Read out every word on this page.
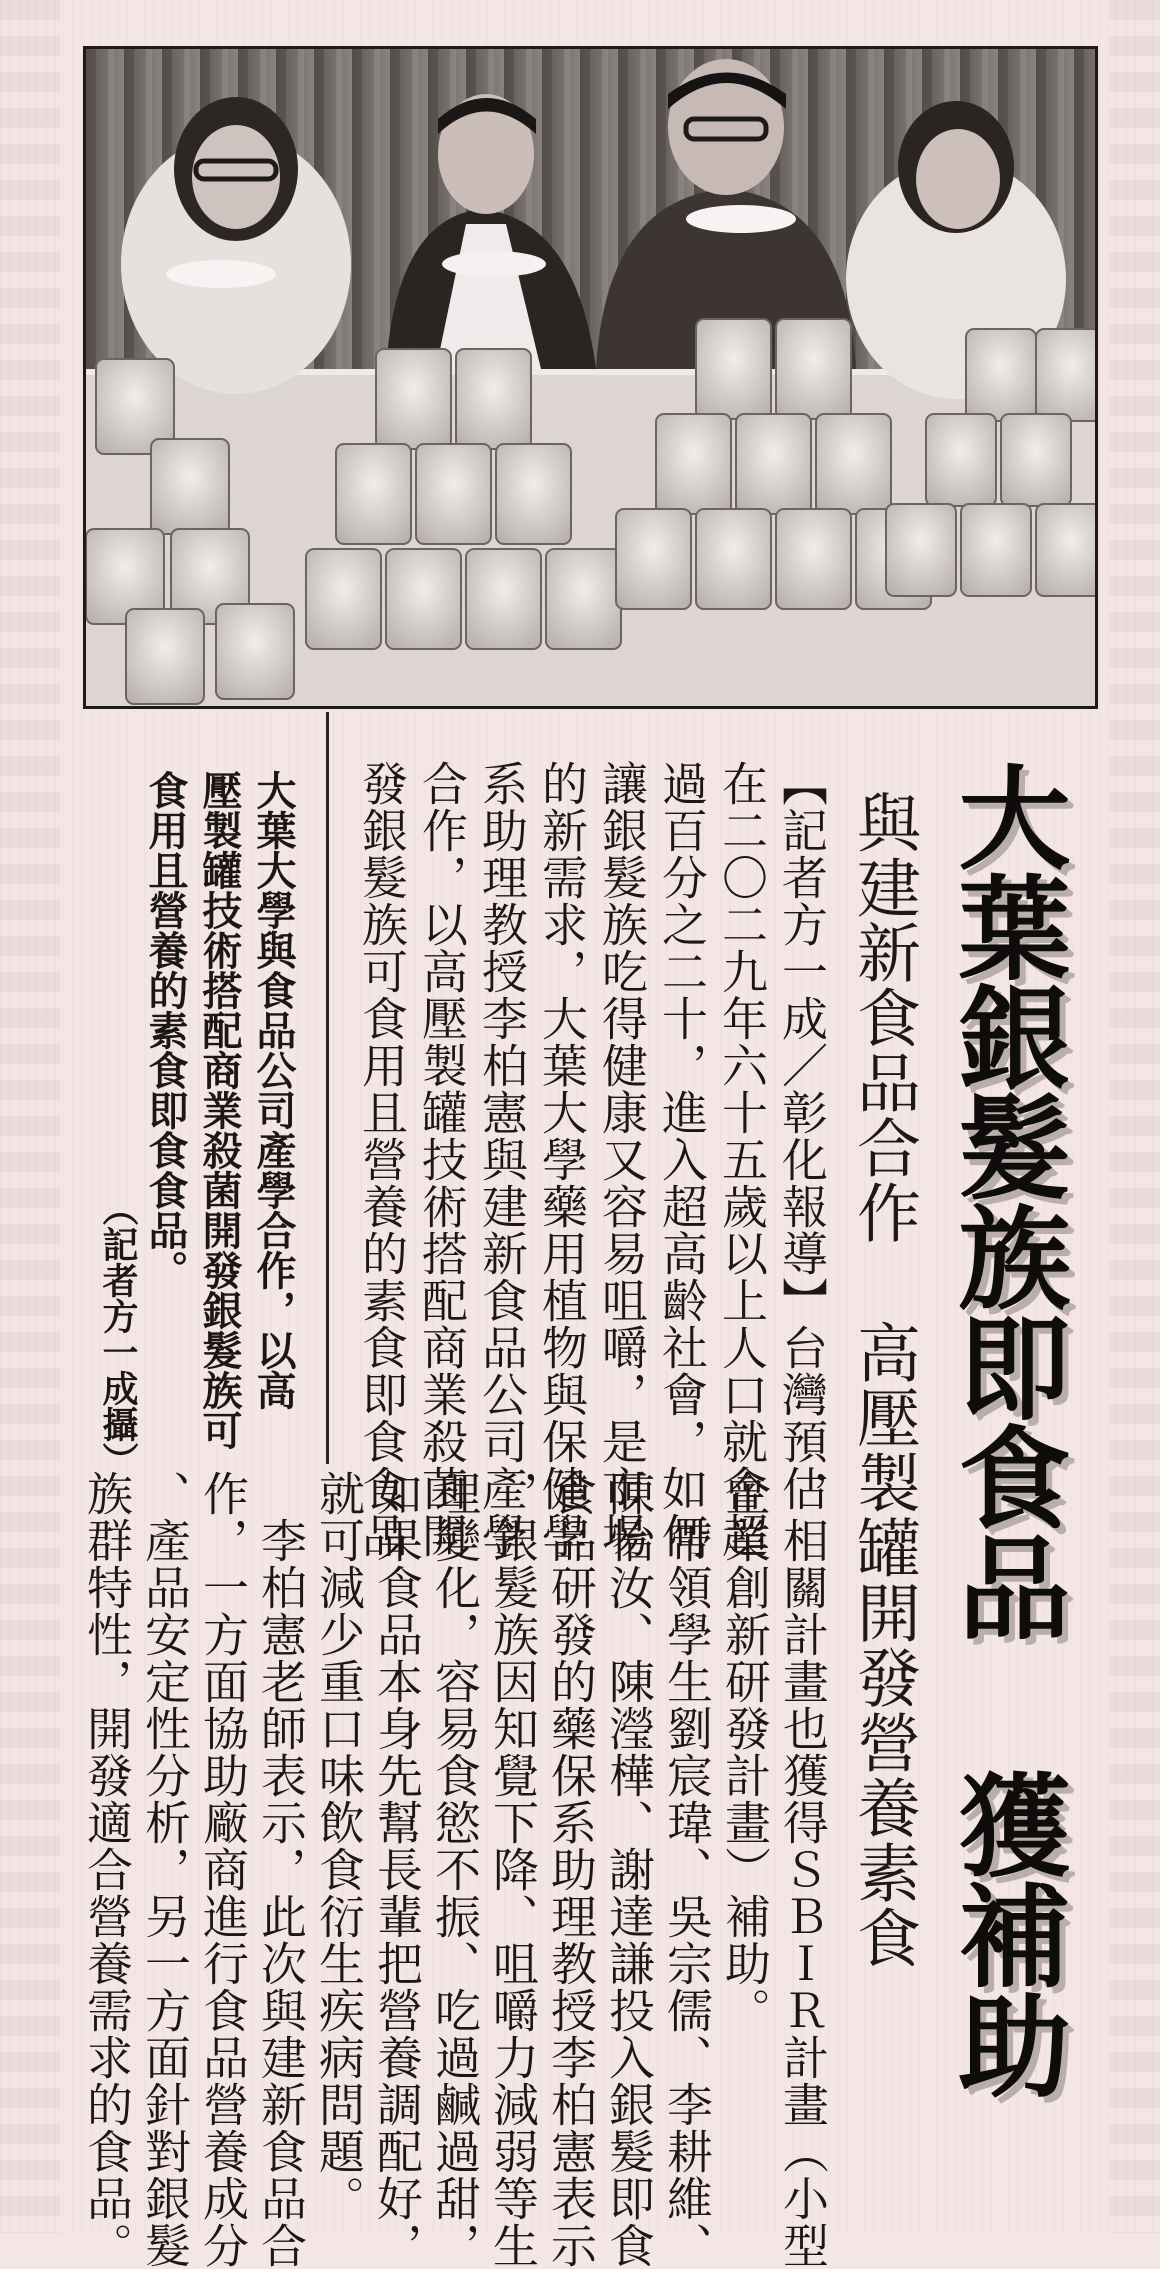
大葉銀髮族即食品 獲補助
與建新食品合作 高壓製罐開發營養素食
【記者方一成／彰化報導】台灣預估
在二〇二九年六十五歲以上人口就會超
過百分之二十，進入超高齡社會，如何
讓銀髮族吃得健康又容易咀嚼，是市場
的新需求，大葉大學藥用植物與保健學
系助理教授李柏憲與建新食品公司產學
合作，以高壓製罐技術搭配商業殺菌開
發銀髮族可食用且營養的素食即食食品
，相關計畫也獲得ＳＢＩＲ計畫（小型
企業創新研發計畫）補助。
　帶領學生劉宸瑋、吳宗儒、李耕維、
陳怡汝、陳瀅樺、謝達謙投入銀髮即食
食品研發的藥保系助理教授李柏憲表示
，銀髮族因知覺下降、咀嚼力減弱等生
理變化，容易食慾不振、吃過鹹過甜，
如果食品本身先幫長輩把營養調配好，
就可減少重口味飲食衍生疾病問題。
　李柏憲老師表示，此次與建新食品合
作，一方面協助廠商進行食品營養成分
、產品安定性分析，另一方面針對銀髮
族群特性，開發適合營養需求的食品。
大葉大學與食品公司產學合作，以高
壓製罐技術搭配商業殺菌開發銀髮族可
食用且營養的素食即食食品。
（記者方一成攝）
